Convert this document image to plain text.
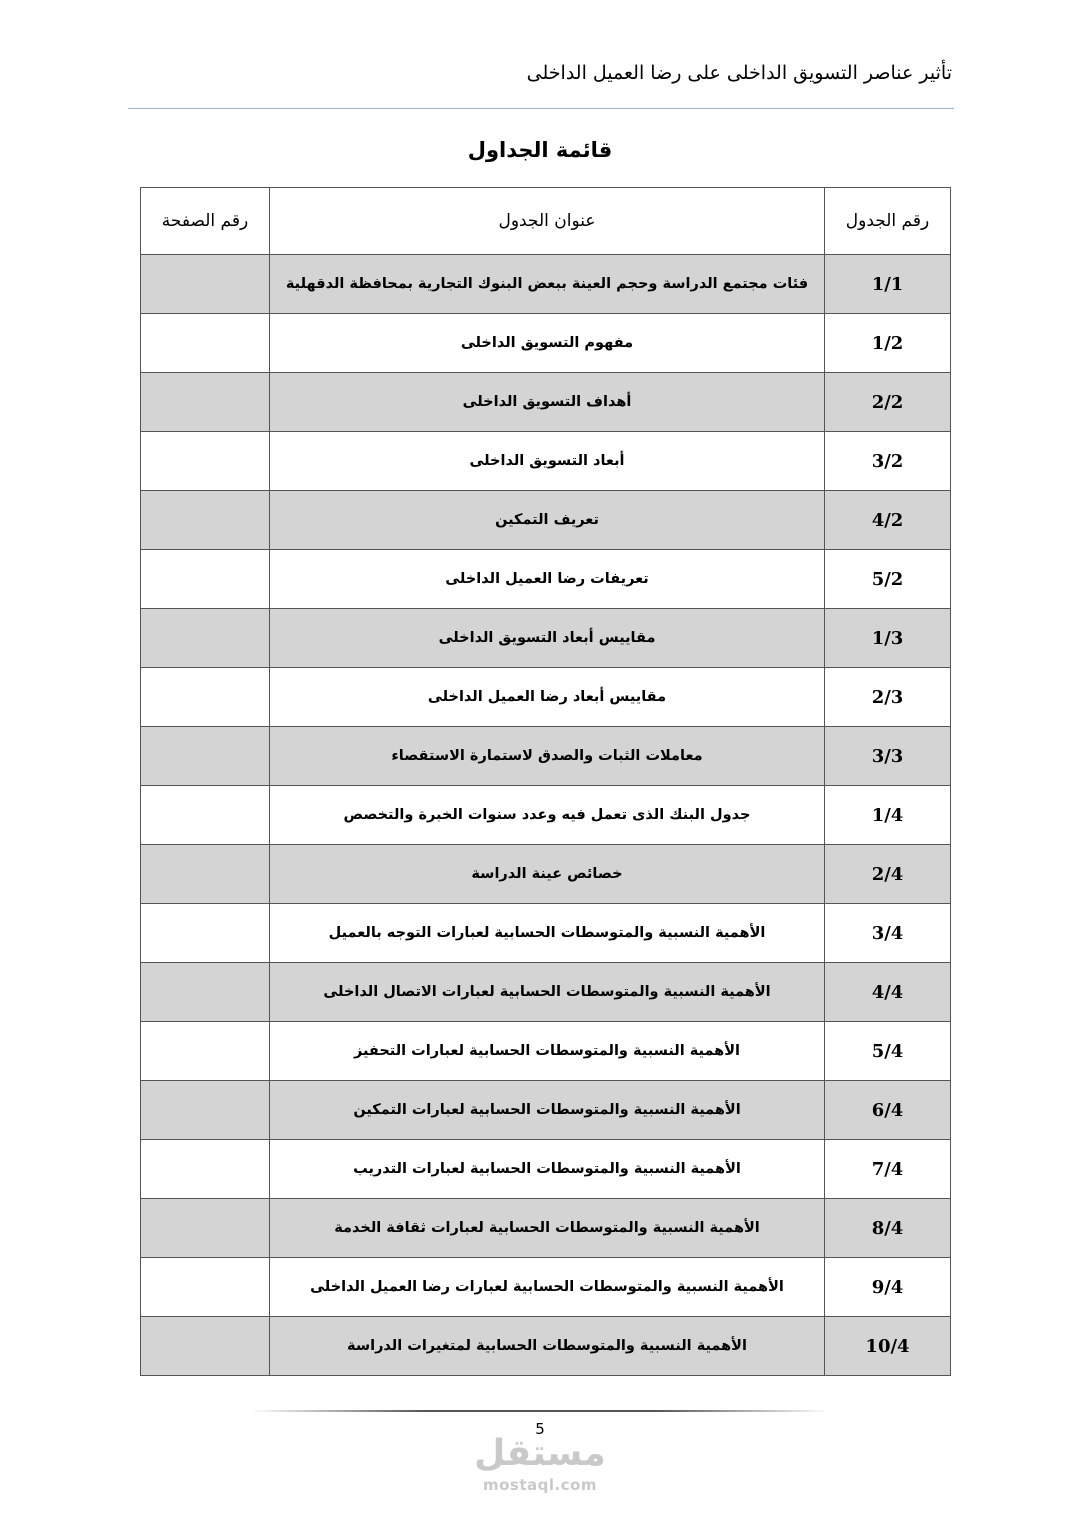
تأثير عناصر التسويق الداخلى على رضا العميل الداخلى
قائمة الجداول
رقم الجدول	عنوان الجدول	رقم الصفحة
1/1	فئات مجتمع الدراسة وحجم العينة ببعض البنوك التجارية بمحافظة الدقهلية	
1/2	مفهوم التسويق الداخلى	
2/2	أهداف التسويق الداخلى	
3/2	أبعاد التسويق الداخلى	
4/2	تعريف التمكين	
5/2	تعريفات رضا العميل الداخلى	
1/3	مقاييس أبعاد التسويق الداخلى	
2/3	مقاييس أبعاد رضا العميل الداخلى	
3/3	معاملات الثبات والصدق لاستمارة الاستقصاء	
1/4	جدول البنك الذى تعمل فيه وعدد سنوات الخبرة والتخصص	
2/4	خصائص عينة الدراسة	
3/4	الأهمية النسبية والمتوسطات الحسابية لعبارات التوجه بالعميل	
4/4	الأهمية النسبية والمتوسطات الحسابية لعبارات الاتصال الداخلى	
5/4	الأهمية النسبية والمتوسطات الحسابية لعبارات التحفيز	
6/4	الأهمية النسبية والمتوسطات الحسابية لعبارات التمكين	
7/4	الأهمية النسبية والمتوسطات الحسابية لعبارات التدريب	
8/4	الأهمية النسبية والمتوسطات الحسابية لعبارات ثقافة الخدمة	
9/4	الأهمية النسبية والمتوسطات الحسابية لعبارات رضا العميل الداخلى	
10/4	الأهمية النسبية والمتوسطات الحسابية لمتغيرات الدراسة	
5
مستقل
mostaql.com
